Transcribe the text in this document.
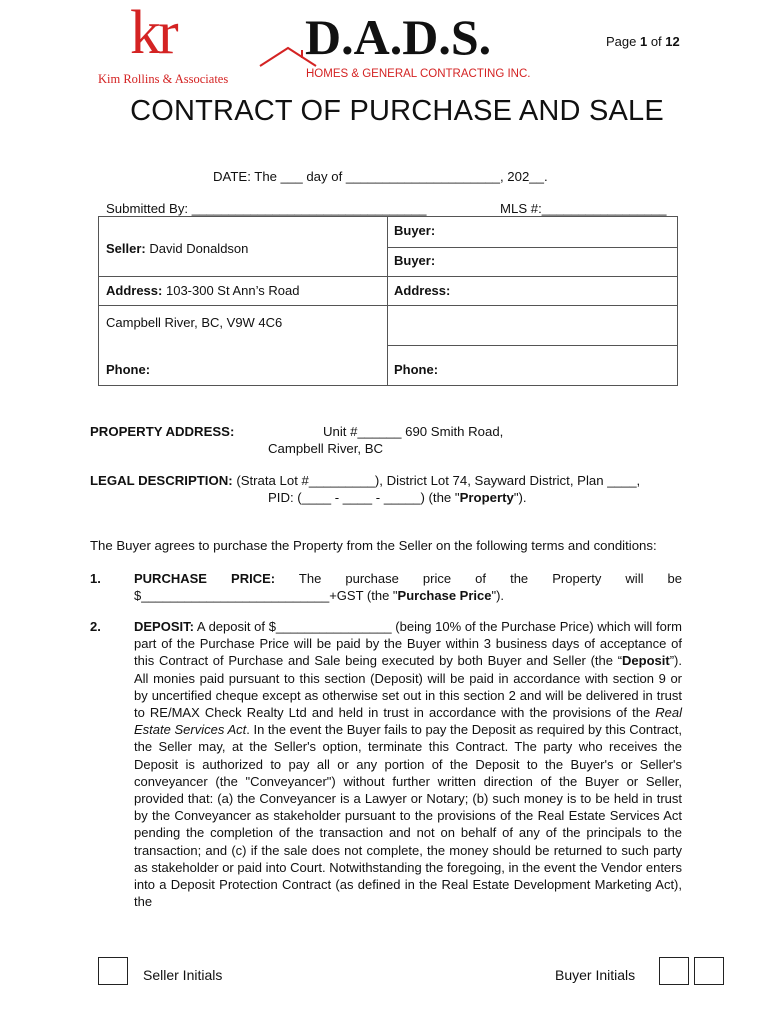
kr
Kim Rollins & Associates
D.A.D.S.
HOMES & GENERAL CONTRACTING INC.
Page 1 of 12
CONTRACT OF PURCHASE AND SALE
DATE: The ___ day of _____________________, 202__.
Submitted By: ________________________________	MLS #:_________________
Seller: David Donaldson
Buyer:
Buyer:
Address: 103-300 St Ann’s Road	Address:
Campbell River, BC, V9W 4C6
Phone:	Phone:
PROPERTY ADDRESS:	Unit #______ 690 Smith Road,
Campbell River, BC
LEGAL DESCRIPTION: (Strata Lot #_________), District Lot 74, Sayward District, Plan ____,
PID: (____ - ____ - _____) (the "Property").
The Buyer agrees to purchase the Property from the Seller on the following terms and conditions:
1.	PURCHASE PRICE: The purchase price of the Property will be
$__________________________+GST (the "Purchase Price").
2.	DEPOSIT: A deposit of $________________ (being 10% of the Purchase Price) which will form part of the Purchase Price will be paid by the Buyer within 3 business days of acceptance of this Contract of Purchase and Sale being executed by both Buyer and Seller (the “Deposit”). All monies paid pursuant to this section (Deposit) will be paid in accordance with section 9 or by uncertified cheque except as otherwise set out in this section 2 and will be delivered in trust to RE/MAX Check Realty Ltd and held in trust in accordance with the provisions of the Real Estate Services Act. In the event the Buyer fails to pay the Deposit as required by this Contract, the Seller may, at the Seller's option, terminate this Contract. The party who receives the Deposit is authorized to pay all or any portion of the Deposit to the Buyer's or Seller's conveyancer (the "Conveyancer") without further written direction of the Buyer or Seller, provided that: (a) the Conveyancer is a Lawyer or Notary; (b) such money is to be held in trust by the Conveyancer as stakeholder pursuant to the provisions of the Real Estate Services Act pending the completion of the transaction and not on behalf of any of the principals to the transaction; and (c) if the sale does not complete, the money should be returned to such party as stakeholder or paid into Court. Notwithstanding the foregoing, in the event the Vendor enters into a Deposit Protection Contract (as defined in the Real Estate Development Marketing Act), the
Seller Initials	Buyer Initials
